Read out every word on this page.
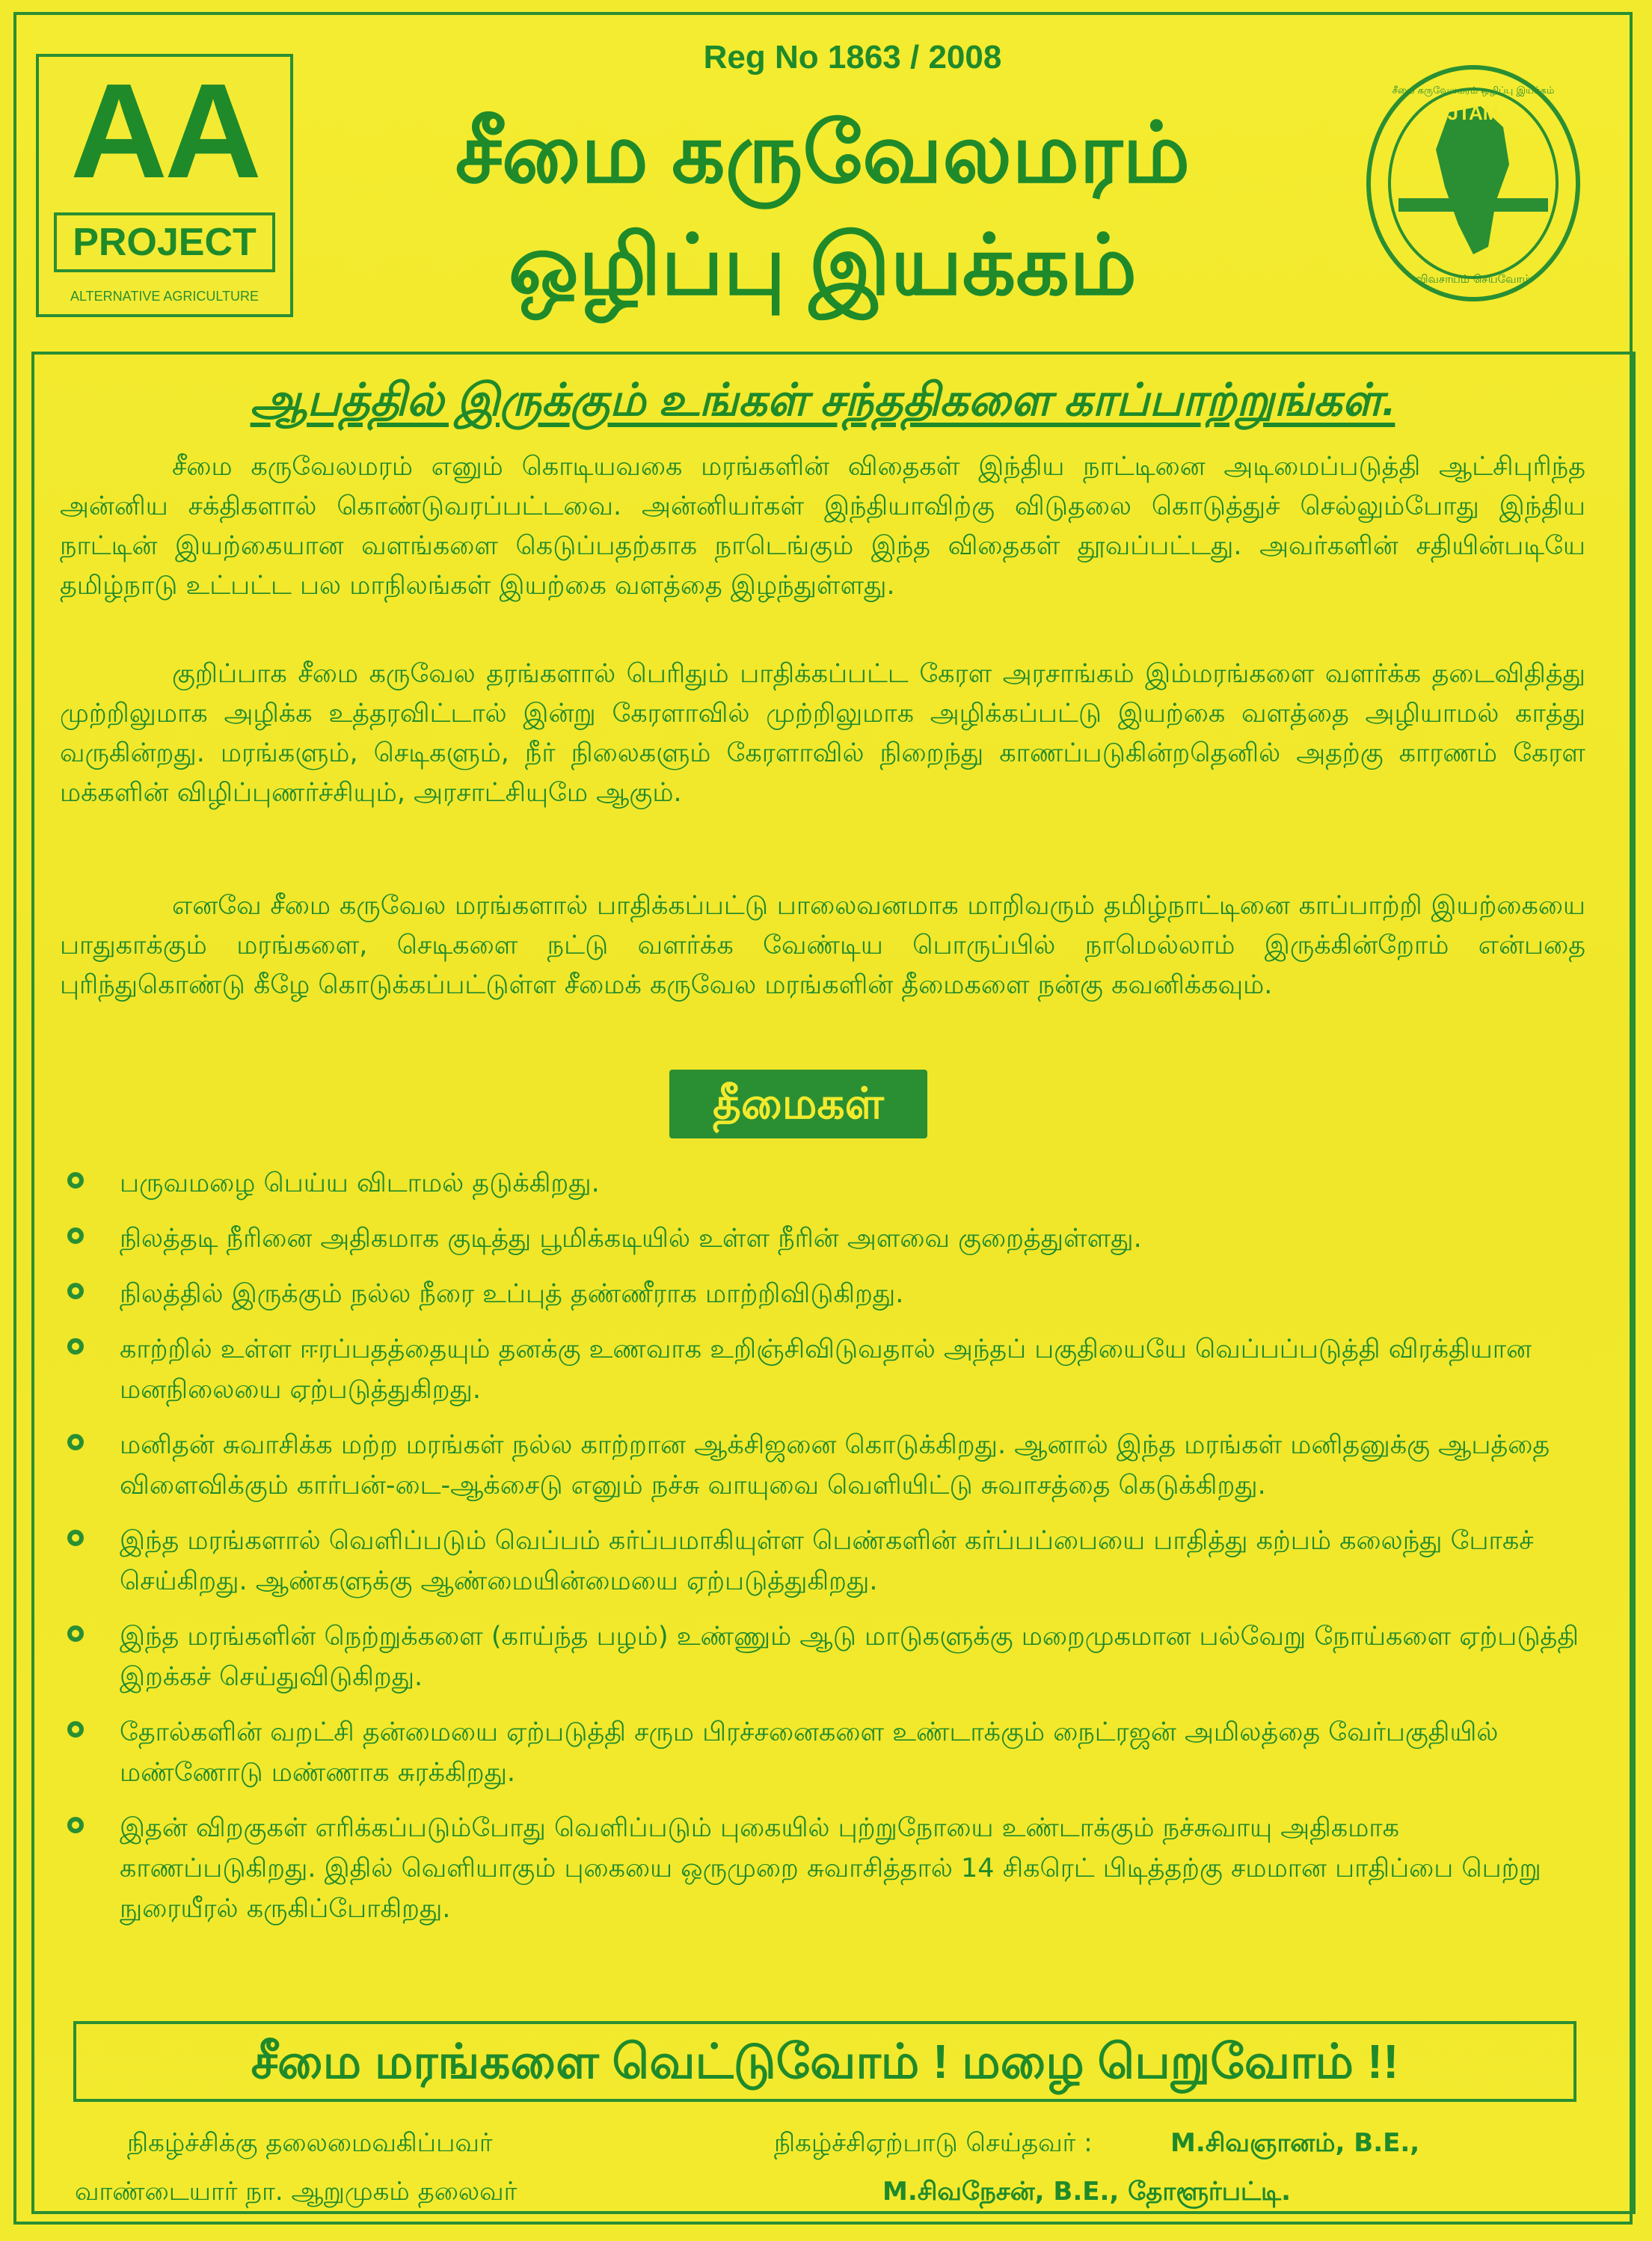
Reg No 1863 / 2008
AA
PROJECT
ALTERNATIVE AGRICULTURE
சீமை கருவேலமரம்
ஒழிப்பு இயக்கம்
JTAM
விவசாயம் செய்வோம்
சீமை கருவேலமரம் ஒழிப்பு இயக்கம்
ஆபத்தில் இருக்கும் உங்கள் சந்ததிகளை காப்பாற்றுங்கள்.
சீமை கருவேலமரம் எனும் கொடியவகை மரங்களின் விதைகள் இந்திய நாட்டினை அடிமைப்படுத்தி ஆட்சிபுரிந்த அன்னிய சக்திகளால் கொண்டுவரப்பட்டவை. அன்னியர்கள் இந்தியாவிற்கு விடுதலை கொடுத்துச் செல்லும்போது இந்திய நாட்டின் இயற்கையான வளங்களை கெடுப்பதற்காக நாடெங்கும் இந்த விதைகள் தூவப்பட்டது. அவர்களின் சதியின்படியே தமிழ்நாடு உட்பட்ட பல மாநிலங்கள் இயற்கை வளத்தை இழந்துள்ளது.
குறிப்பாக சீமை கருவேல தரங்களால் பெரிதும் பாதிக்கப்பட்ட கேரள அரசாங்கம் இம்மரங்களை வளர்க்க தடைவிதித்து முற்றிலுமாக அழிக்க உத்தரவிட்டால் இன்று கேரளாவில் முற்றிலுமாக அழிக்கப்பட்டு இயற்கை வளத்தை அழியாமல் காத்து வருகின்றது. மரங்களும், செடிகளும், நீர் நிலைகளும் கேரளாவில் நிறைந்து காணப்படுகின்றதெனில் அதற்கு காரணம் கேரள மக்களின் விழிப்புணர்ச்சியும், அரசாட்சியுமே ஆகும்.
எனவே சீமை கருவேல மரங்களால் பாதிக்கப்பட்டு பாலைவனமாக மாறிவரும் தமிழ்நாட்டினை காப்பாற்றி இயற்கையை பாதுகாக்கும் மரங்களை, செடிகளை நட்டு வளர்க்க வேண்டிய பொருப்பில் நாமெல்லாம் இருக்கின்றோம் என்பதை புரிந்துகொண்டு கீழே கொடுக்கப்பட்டுள்ள சீமைக் கருவேல மரங்களின் தீமைகளை நன்கு கவனிக்கவும்.
தீமைகள்
பருவமழை பெய்ய விடாமல் தடுக்கிறது.
நிலத்தடி நீரினை அதிகமாக குடித்து பூமிக்கடியில் உள்ள நீரின் அளவை குறைத்துள்ளது.
நிலத்தில் இருக்கும் நல்ல நீரை உப்புத் தண்ணீராக மாற்றிவிடுகிறது.
காற்றில் உள்ள ஈரப்பதத்தையும் தனக்கு உணவாக உறிஞ்சிவிடுவதால் அந்தப் பகுதியையே வெப்பப்படுத்தி விரக்தியான மனநிலையை ஏற்படுத்துகிறது.
மனிதன் சுவாசிக்க மற்ற மரங்கள் நல்ல காற்றான ஆக்சிஜனை கொடுக்கிறது. ஆனால் இந்த மரங்கள் மனிதனுக்கு ஆபத்தை விளைவிக்கும் கார்பன்-டை-ஆக்சைடு எனும் நச்சு வாயுவை வெளியிட்டு சுவாசத்தை கெடுக்கிறது.
இந்த மரங்களால் வெளிப்படும் வெப்பம் கர்ப்பமாகியுள்ள பெண்களின் கர்ப்பப்பையை பாதித்து கற்பம் கலைந்து போகச் செய்கிறது. ஆண்களுக்கு ஆண்மையின்மையை ஏற்படுத்துகிறது.
இந்த மரங்களின் நெற்றுக்களை (காய்ந்த பழம்) உண்ணும் ஆடு மாடுகளுக்கு மறைமுகமான பல்வேறு நோய்களை ஏற்படுத்தி இறக்கச் செய்துவிடுகிறது.
தோல்களின் வறட்சி தன்மையை ஏற்படுத்தி சரும பிரச்சனைகளை உண்டாக்கும் நைட்ரஜன் அமிலத்தை வேர்பகுதியில் மண்ணோடு மண்ணாக சுரக்கிறது.
இதன் விறகுகள் எரிக்கப்படும்போது வெளிப்படும் புகையில் புற்றுநோயை உண்டாக்கும் நச்சுவாயு அதிகமாக காணப்படுகிறது. இதில் வெளியாகும் புகையை ஒருமுறை சுவாசித்தால் 14 சிகரெட் பிடித்தற்கு சமமான பாதிப்பை பெற்று நுரையீரல் கருகிப்போகிறது.
சீமை மரங்களை வெட்டுவோம் ! மழை பெறுவோம் !!
நிகழ்ச்சிக்கு தலைமைவகிப்பவர்
வாண்டையார் நா. ஆறுமுகம் தலைவர்
நிகழ்ச்சிஏற்பாடு செய்தவர் :	M.சிவஞானம், B.E.,
M.சிவநேசன், B.E., தோளூர்பட்டி.
